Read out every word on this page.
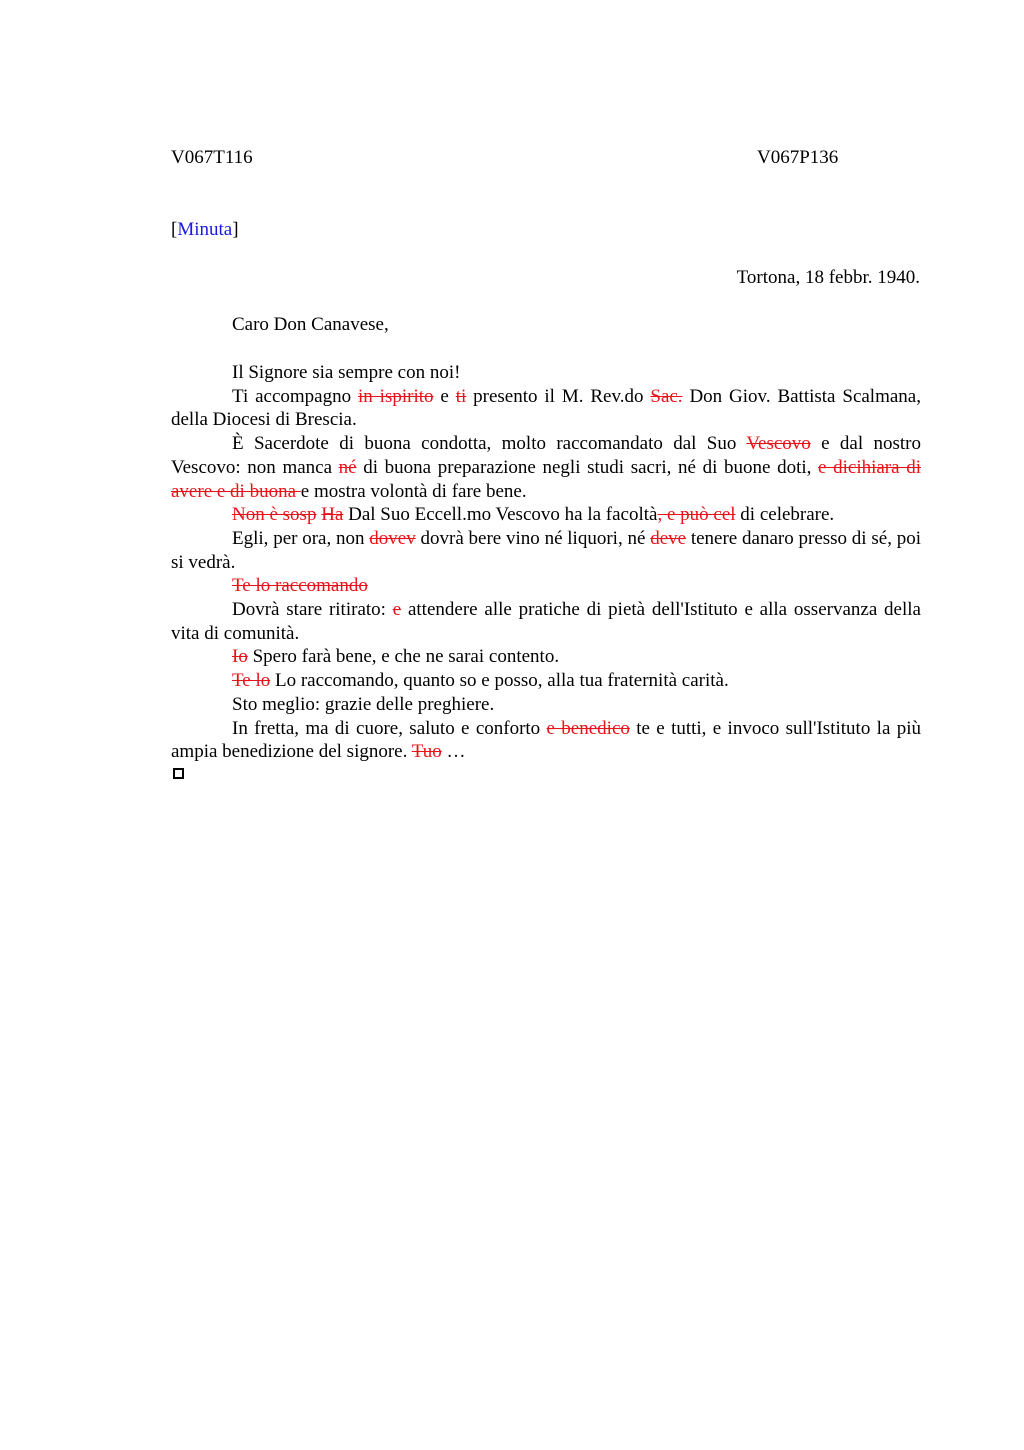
V067T116	V067P136
[Minuta]
Tortona, 18 febbr. 1940.
Caro Don Canavese,

Il Signore sia sempre con noi!

Ti accompagno in ispirito e ti presento il M. Rev.do Sac. Don Giov. Battista Scalmana, della Diocesi di Brescia.

È Sacerdote di buona condotta, molto raccomandato dal Suo Vescovo e dal nostro Vescovo: non manca né di buona preparazione negli studi sacri, né di buone doti, e dicihiara di avere e di buona e mostra volontà di fare bene.

Non è sosp Ha Dal Suo Eccell.mo Vescovo ha la facoltà, e può cel di celebrare.

Egli, per ora, non dovev dovrà bere vino né liquori, né deve tenere danaro presso di sé, poi si vedrà.

Te lo raccomando

Dovrà stare ritirato: e attendere alle pratiche di pietà dell'Istituto e alla osservanza della vita di comunità.

Io Spero farà bene, e che ne sarai contento.

Te lo Lo raccomando, quanto so e posso, alla tua fraternità carità.

Sto meglio: grazie delle preghiere.

In fretta, ma di cuore, saluto e conforto e benedico te e tutti, e invoco sull'Istituto la più ampia benedizione del signore. Tuo …
